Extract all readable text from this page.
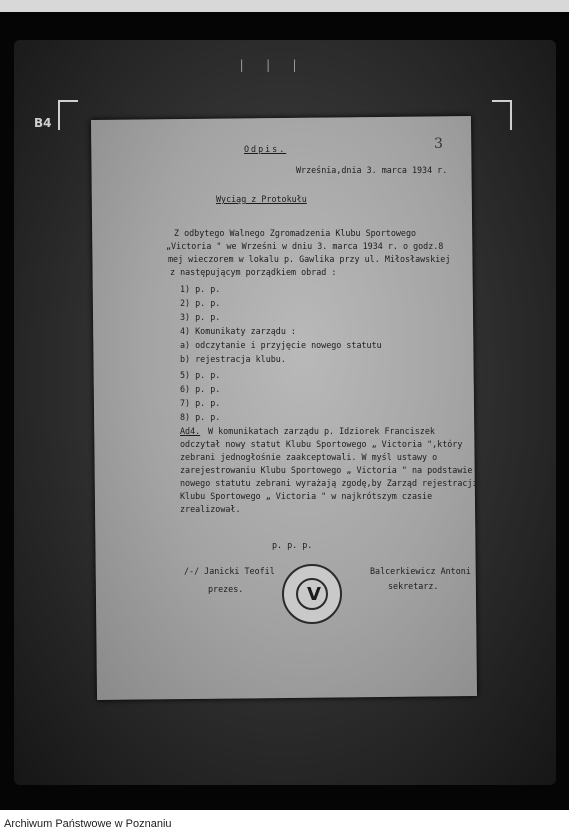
B4
| | |
3
Odpis.
Września,dnia 3. marca 1934 r.
Wyciąg z Protokułu
Z odbytego Walnego Zgromadzenia Klubu Sportowego
„Victoria " we Wrześni w dniu 3. marca 1934 r. o godz.8
mej wieczorem w lokalu p. Gawlika przy ul. Miłosławskiej
z następującym porządkiem obrad :
1) p. p.
2) p. p.
3) p. p.
4) Komunikaty zarządu :
a) odczytanie i przyjęcie nowego statutu
b) rejestracja klubu.
5) p. p.
6) p. p.
7) p. p.
8) p. p.
Ad4. W komunikatach zarządu p. Idziorek Franciszek
odczytał nowy statut Klubu Sportowego „ Victoria ",który
zebrani jednogłośnie zaakceptowali. W myśl ustawy o
zarejestrowaniu Klubu Sportowego „ Victoria " na podstawie
nowego statutu zebrani wyrażają zgodę,by Zarząd rejestracji
Klubu Sportowego „ Victoria " w najkrótszym czasie
zrealizował.
p. p. p.
/-/ Janicki Teofil
prezes.
Balcerkiewicz Antoni
sekretarz.
V
Archiwum Państwowe w Poznaniu
